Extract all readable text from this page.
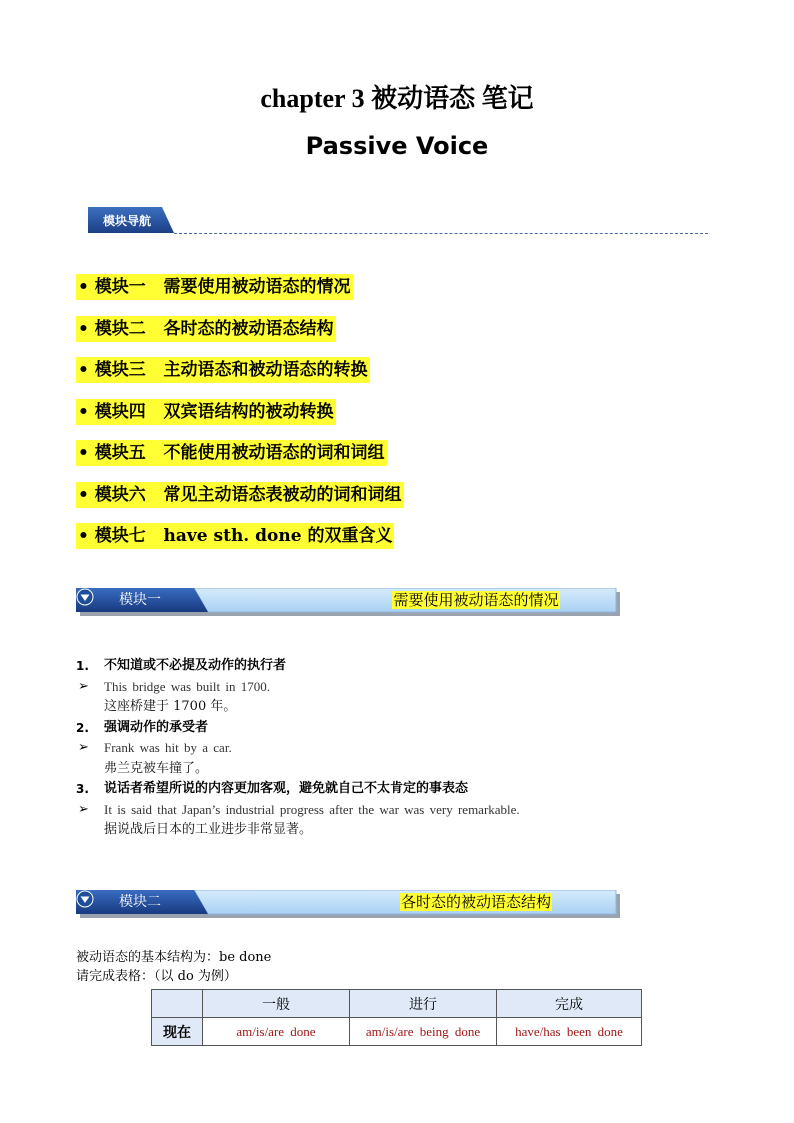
chapter 3 被动语态 笔记
Passive Voice
模块导航
• 模块一   需要使用被动语态的情况
• 模块二   各时态的被动语态结构
• 模块三   主动语态和被动语态的转换
• 模块四   双宾语结构的被动转换
• 模块五   不能使用被动语态的词和词组
• 模块六   常见主动语态表被动的词和词组
• 模块七   have sth. done 的双重含义
模块一	需要使用被动语态的情况
1. 不知道或不必提及动作的执行者
➢ This bridge was built in 1700.
这座桥建于 1700 年。
2. 强调动作的承受者
➢ Frank was hit by a car.
弗兰克被车撞了。
3. 说话者希望所说的内容更加客观，避免就自己不太肯定的事表态
➢ It is said that Japan’s industrial progress after the war was very remarkable.
据说战后日本的工业进步非常显著。
模块二	各时态的被动语态结构
被动语态的基本结构为：be done
请完成表格：（以 do 为例）
	一般	进行	完成
现在	am/is/are done	am/is/are being done	have/has been done
